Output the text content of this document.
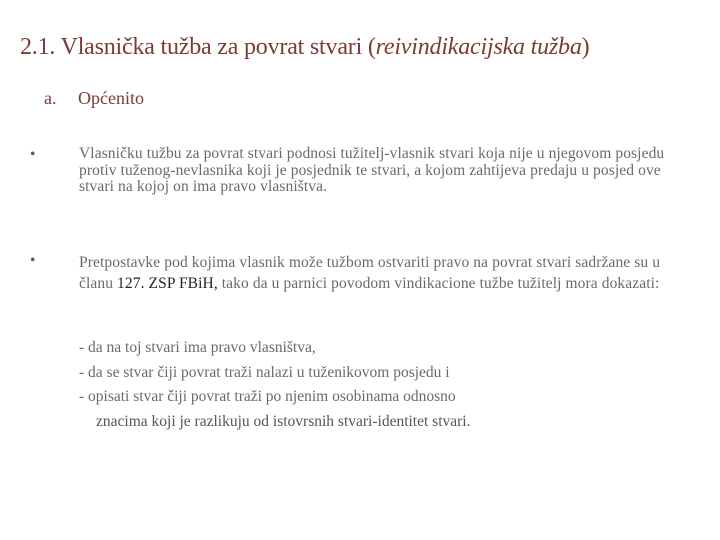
2.1. Vlasnička tužba za povrat stvari (reivindikacijska tužba)
a. Općenito
•	Vlasničku tužbu za povrat stvari podnosi tužitelj-vlasnik stvari koja nije u njegovom posjedu protiv tuženog-nevlasnika koji je posjednik te stvari, a kojom zahtijeva predaju u posjed ove stvari na kojoj on ima pravo vlasništva.
•	Pretpostavke pod kojima vlasnik može tužbom ostvariti pravo na povrat stvari sadržane su u članu 127. ZSP FBiH, tako da u parnici povodom vindikacione tužbe tužitelj mora dokazati:
- da na toj stvari ima pravo vlasništva,
- da se stvar čiji povrat traži nalazi u tuženikovom posjedu i
- opisati stvar čiji povrat traži po njenim osobinama odnosno
znacima koji je razlikuju od istovrsnih stvari-identitet stvari.
